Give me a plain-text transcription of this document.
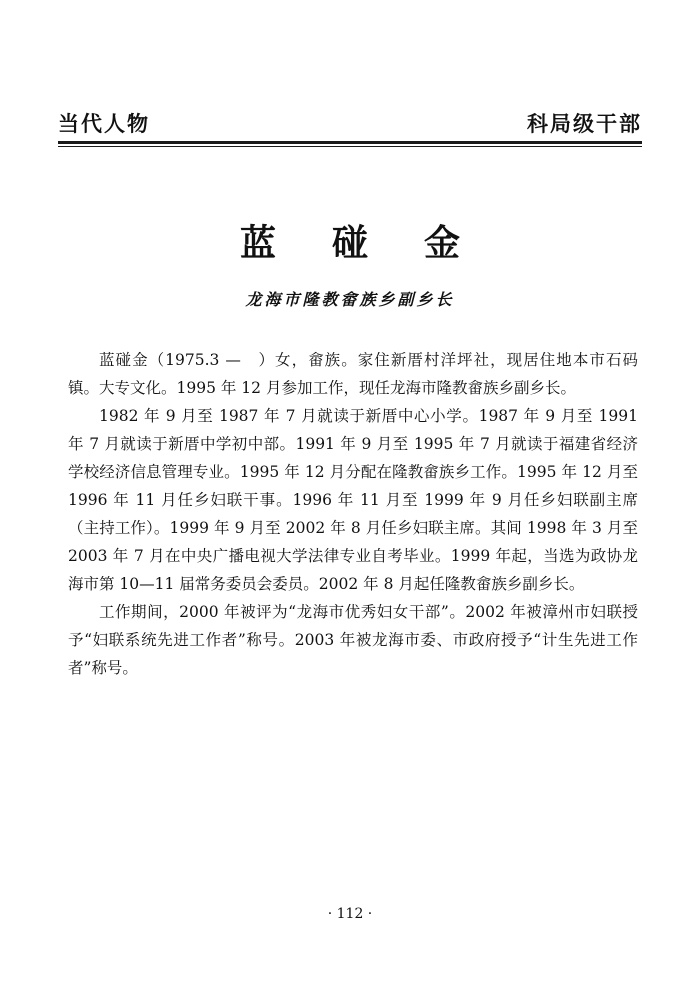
当代人物	科局级干部
蓝碰金
龙海市隆教畲族乡副乡长

蓝碰金（1975.3 —　）女，畲族。家住新厝村洋坪社，现居住地本市石码镇。大专文化。1995 年 12 月参加工作，现任龙海市隆教畲族乡副乡长。

1982 年 9 月至 1987 年 7 月就读于新厝中心小学。1987 年 9 月至 1991 年 7 月就读于新厝中学初中部。1991 年 9 月至 1995 年 7 月就读于福建省经济学校经济信息管理专业。1995 年 12 月分配在隆教畲族乡工作。1995 年 12 月至 1996 年 11 月任乡妇联干事。1996 年 11 月至 1999 年 9 月任乡妇联副主席（主持工作）。1999 年 9 月至 2002 年 8 月任乡妇联主席。其间 1998 年 3 月至 2003 年 7 月在中央广播电视大学法律专业自考毕业。1999 年起，当选为政协龙海市第 10—11 届常务委员会委员。2002 年 8 月起任隆教畲族乡副乡长。

工作期间，2000 年被评为“龙海市优秀妇女干部”。2002 年被漳州市妇联授予“妇联系统先进工作者”称号。2003 年被龙海市委、市政府授予“计生先进工作者”称号。

· 112 ·
